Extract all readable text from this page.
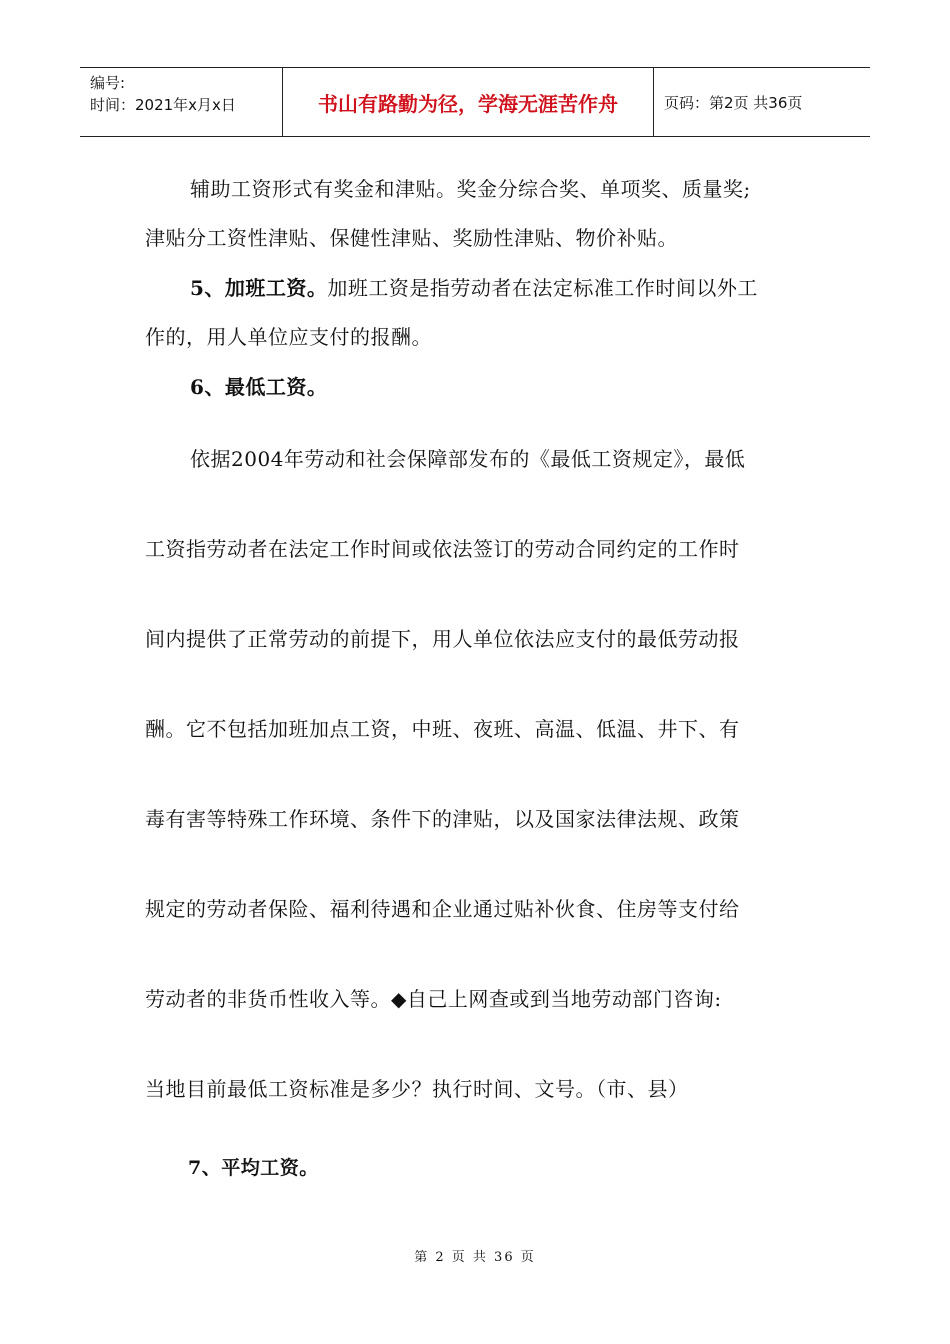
编号:
时间：2021年x月x日	书山有路勤为径，学海无涯苦作舟	页码：第2页 共36页
辅助工资形式有奖金和津贴。奖金分综合奖、单项奖、质量奖;
津贴分工资性津贴、保健性津贴、奖励性津贴、物价补贴。
5、加班工资。加班工资是指劳动者在法定标准工作时间以外工
作的，用人单位应支付的报酬。
6、最低工资。
依据2004年劳动和社会保障部发布的《最低工资规定》，最低
工资指劳动者在法定工作时间或依法签订的劳动合同约定的工作时
间内提供了正常劳动的前提下，用人单位依法应支付的最低劳动报
酬。它不包括加班加点工资，中班、夜班、高温、低温、井下、有
毒有害等特殊工作环境、条件下的津贴，以及国家法律法规、政策
规定的劳动者保险、福利待遇和企业通过贴补伙食、住房等支付给
劳动者的非货币性收入等。◆自己上网查或到当地劳动部门咨询:
当地目前最低工资标准是多少？执行时间、文号。（市、县）
7、平均工资。
第 2 页 共 36 页
